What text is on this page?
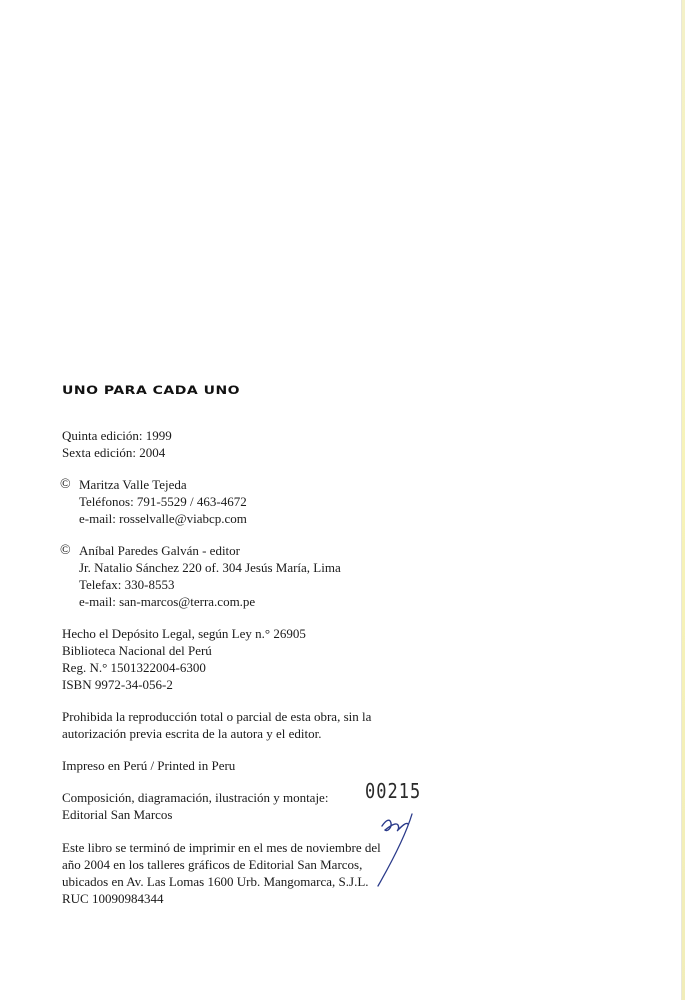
UNO PARA CADA UNO

Quinta edición: 1999

Sexta edición: 2004

© Maritza Valle Tejeda

Teléfonos: 791-5529 / 463-4672

e-mail: rosselvalle@viabcp.com

© Aníbal Paredes Galván - editor

Jr. Natalio Sánchez 220 of. 304 Jesús María, Lima

Telefax: 330-8553

e-mail: san-marcos@terra.com.pe

Hecho el Depósito Legal, según Ley n.° 26905

Biblioteca Nacional del Perú

Reg. N.° 1501322004-6300

ISBN 9972-34-056-2

Prohibida la reproducción total o parcial de esta obra, sin la

autorización previa escrita de la autora y el editor.

Impreso en Perú / Printed in Peru

Composición, diagramación, ilustración y montaje:

Editorial San Marcos

00215

Este libro se terminó de imprimir en el mes de noviembre del

año 2004 en los talleres gráficos de Editorial San Marcos,

ubicados en Av. Las Lomas 1600 Urb. Mangomarca, S.J.L.

RUC 10090984344
